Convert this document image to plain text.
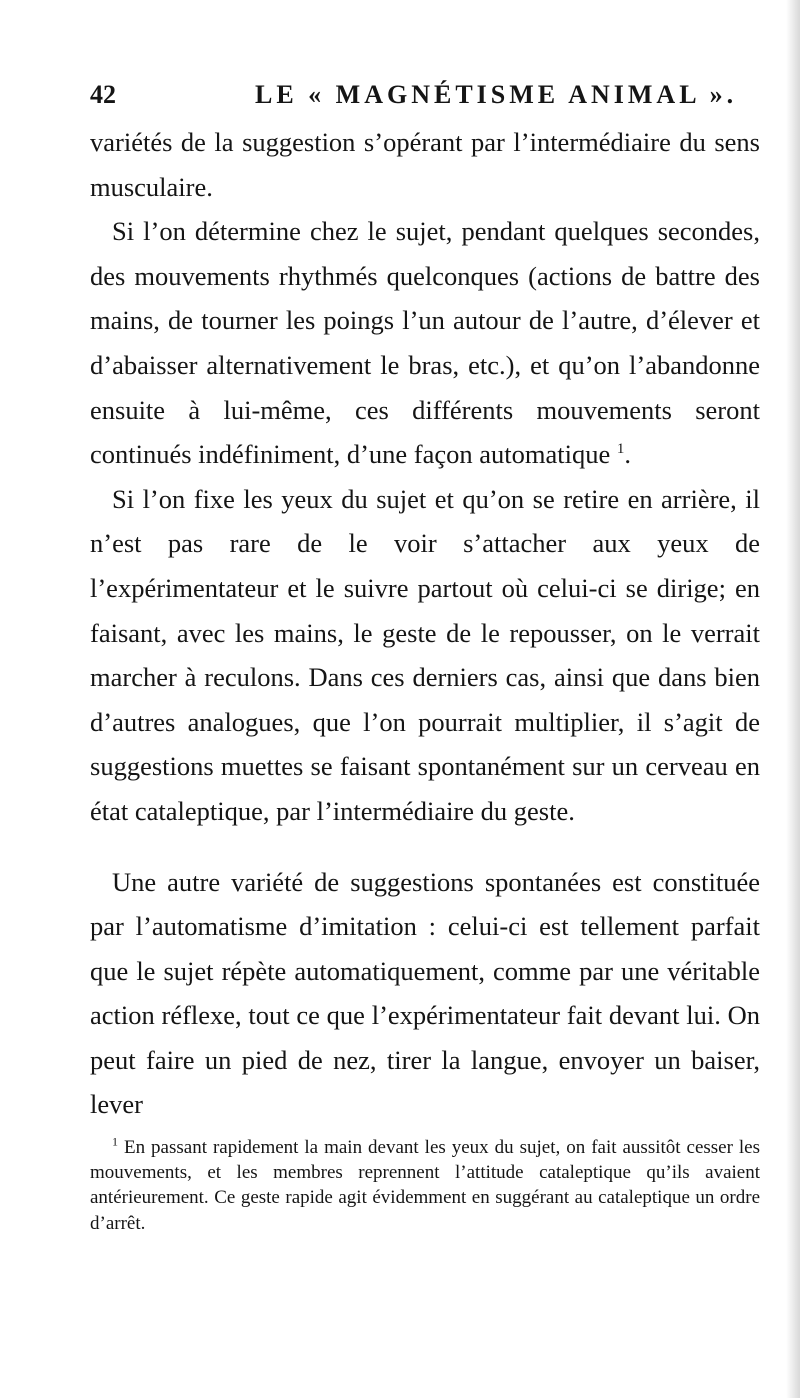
42	LE « MAGNÉTISME ANIMAL ».

variétés de la suggestion s’opérant par l’intermédiaire du sens musculaire.

Si l’on détermine chez le sujet, pendant quelques secondes, des mouvements rhythmés quelconques (actions de battre des mains, de tourner les poings l’un autour de l’autre, d’élever et d’abaisser alternativement le bras, etc.), et qu’on l’abandonne ensuite à lui-même, ces différents mouvements seront continués indéfiniment, d’une façon automatique $^1$.

Si l’on fixe les yeux du sujet et qu’on se retire en arrière, il n’est pas rare de le voir s’attacher aux yeux de l’expérimentateur et le suivre partout où celui-ci se dirige; en faisant, avec les mains, le geste de le repousser, on le verrait marcher à reculons. Dans ces derniers cas, ainsi que dans bien d’autres analogues, que l’on pourrait multiplier, il s’agit de suggestions muettes se faisant spontanément sur un cerveau en état cataleptique, par l’intermédiaire du geste.

Une autre variété de suggestions spontanées est constituée par l’automatisme d’imitation : celui-ci est tellement parfait que le sujet répète automatiquement, comme par une véritable action réflexe, tout ce que l’expérimentateur fait devant lui. On peut faire un pied de nez, tirer la langue, envoyer un baiser, lever

$^1$ En passant rapidement la main devant les yeux du sujet, on fait aussitôt cesser les mouvements, et les membres reprennent l’attitude cataleptique qu’ils avaient antérieurement. Ce geste rapide agit évidemment en suggérant au cataleptique un ordre d’arrêt.
